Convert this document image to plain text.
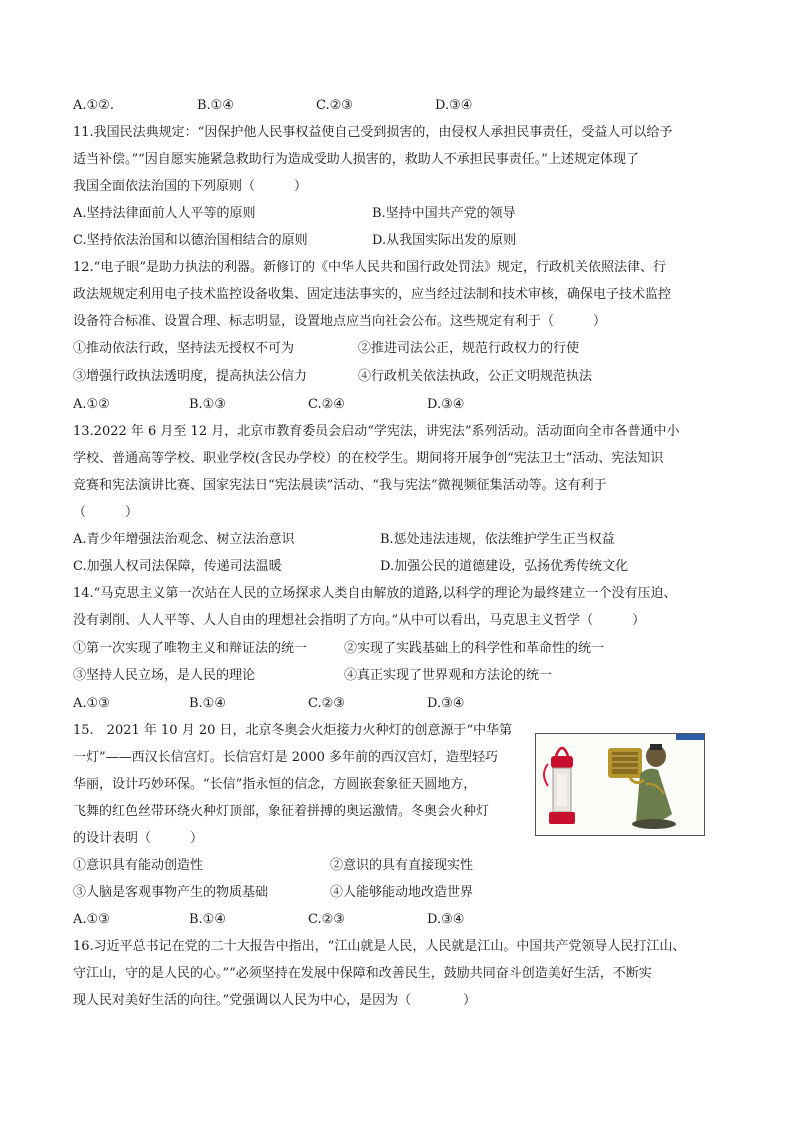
A.①②.	B.①④	C.②③	D.③④
11.我国民法典规定：“因保护他人民事权益使自己受到损害的，由侵权人承担民事责任，受益人可以给予
适当补偿。”“因自愿实施紧急救助行为造成受助人损害的，救助人不承担民事责任。”上述规定体现了
我国全面依法治国的下列原则（　　　）
A.坚持法律面前人人平等的原则	B.坚持中国共产党的领导
C.坚持依法治国和以德治国相结合的原则	D.从我国实际出发的原则
12.“电子眼”是助力执法的利器。新修订的《中华人民共和国行政处罚法》规定，行政机关依照法律、行
政法规规定利用电子技术监控设备收集、固定违法事实的，应当经过法制和技术审核，确保电子技术监控
设备符合标准、设置合理、标志明显，设置地点应当向社会公布。这些规定有利于（　　　）
①推动依法行政，坚持法无授权不可为	②推进司法公正，规范行政权力的行使
③增强行政执法透明度，提高执法公信力	④行政机关依法执政，公正文明规范执法
A.①②	B.①③	C.②④	D.③④
13.2022 年 6 月至 12 月，北京市教育委员会启动“学宪法，讲宪法”系列活动。活动面向全市各普通中小
学校、普通高等学校、职业学校(含民办学校）的在校学生。期间将开展争创“宪法卫士”活动、宪法知识
竞赛和宪法演讲比赛、国家宪法日“宪法晨读”活动、“我与宪法”微视频征集活动等。这有利于
（　　　）
A.青少年增强法治观念、树立法治意识	B.惩处违法违规，依法维护学生正当权益
C.加强人权司法保障，传递司法温暖	D.加强公民的道德建设，弘扬优秀传统文化
14.“马克思主义第一次站在人民的立场探求人类自由解放的道路,以科学的理论为最终建立一个没有压迫、
没有剥削、人人平等、人人自由的理想社会指明了方向。”从中可以看出，马克思主义哲学（　　　）
①第一次实现了唯物主义和辩证法的统一	②实现了实践基础上的科学性和革命性的统一
③坚持人民立场，是人民的理论	④真正实现了世界观和方法论的统一
A.①③	B.①④	C.②③	D.③④
15.　2021 年 10 月 20 日，北京冬奥会火炬接力火种灯的创意源于“中华第
一灯”——西汉长信宫灯。长信宫灯是 2000 多年前的西汉宫灯，造型轻巧
华丽，设计巧妙环保。“长信”指永恒的信念，方圆嵌套象征天圆地方，
飞舞的红色丝带环绕火种灯顶部，象征着拼搏的奥运激情。冬奥会火种灯
的设计表明（　　　）
①意识具有能动创造性	②意识的具有直接现实性
③人脑是客观事物产生的物质基础	④人能够能动地改造世界
A.①③	B.①④	C.②③	D.③④
16.习近平总书记在党的二十大报告中指出，“江山就是人民，人民就是江山。中国共产党领导人民打江山、
守江山，守的是人民的心。”“必须坚持在发展中保障和改善民生，鼓励共同奋斗创造美好生活，不断实
现人民对美好生活的向往。”党强调以人民为中心，是因为（　　　　）
